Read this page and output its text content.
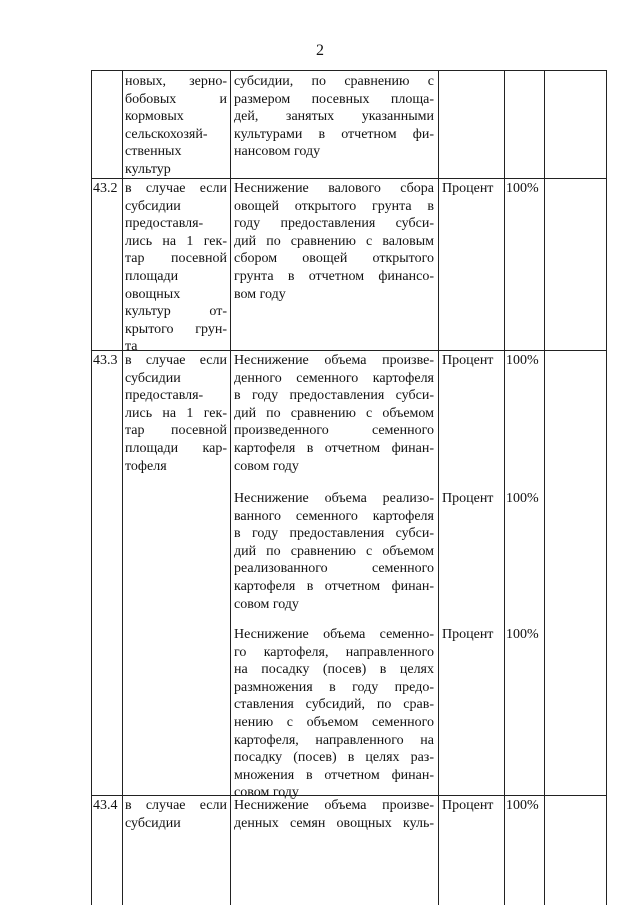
2
новых, зерно-
бобовых и
кормовых
сельскохозяй-
ственных
культур
субсидии, по сравнению с
размером посевных площа-
дей, занятых указанными
культурами в отчетном фи-
нансовом году
43.2 в случае если
субсидии
предоставля-
лись на 1 гек-
тар посевной
площади
овощных
культур от-
крытого грун-
та
Неснижение валового сбора
овощей открытого грунта в
году предоставления субси-
дий по сравнению с валовым
сбором овощей открытого
грунта в отчетном финансо-
вом году
Процент 100%
43.3 в случае если
субсидии
предоставля-
лись на 1 гек-
тар посевной
площади кар-
тофеля
Неснижение объема произве-
денного семенного картофеля
в году предоставления субси-
дий по сравнению с объемом
произведенного семенного
картофеля в отчетном финан-
совом году
Процент 100%
Неснижение объема реализо-
ванного семенного картофеля
в году предоставления субси-
дий по сравнению с объемом
реализованного семенного
картофеля в отчетном финан-
совом году
Процент 100%
Неснижение объема семенно-
го картофеля, направленного
на посадку (посев) в целях
размножения в году предо-
ставления субсидий, по срав-
нению с объемом семенного
картофеля, направленного на
посадку (посев) в целях раз-
множения в отчетном финан-
совом году
Процент 100%
43.4 в случае если
субсидии
Неснижение объема произве-
денных семян овощных куль-
Процент 100%
